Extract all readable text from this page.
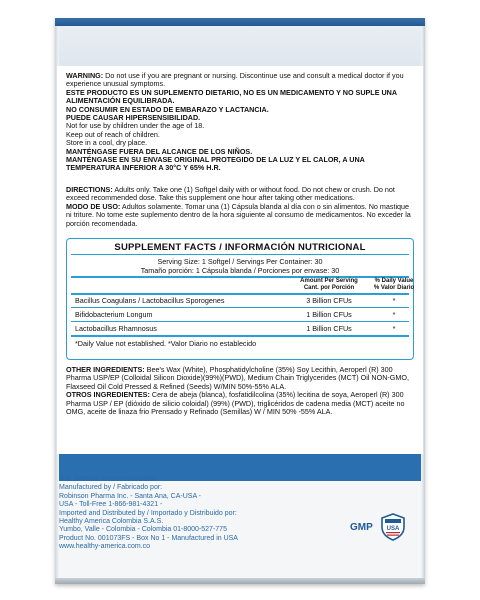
WARNING: Do not use if you are pregnant or nursing. Discontinue use and consult a medical doctor if you experience unusual symptoms.
ESTE PRODUCTO ES UN SUPLEMENTO DIETARIO, NO ES UN MEDICAMENTO Y NO SUPLE UNA ALIMENTACIÓN EQUILIBRADA.
NO CONSUMIR EN ESTADO DE EMBARAZO Y LACTANCIA.
PUEDE CAUSAR HIPERSENSIBILIDAD.
Not for use by children under the age of 18.
Keep out of reach of children.
Store in a cool, dry place.
MANTÉNGASE FUERA DEL ALCANCE DE LOS NIÑOS.
MANTÉNGASE EN SU ENVASE ORIGINAL PROTEGIDO DE LA LUZ Y EL CALOR, A UNA TEMPERATURA INFERIOR A 30°C Y 65% H.R.
DIRECTIONS: Adults only. Take one (1) Softgel daily with or without food. Do not chew or crush. Do not exceed recommended dose. Take this supplement one hour after taking other medications.
MODO DE USO: Adultos solamente. Tomar una (1) Cápsula blanda al día con o sin alimentos. No mastique ni triture. No tome este suplemento dentro de la hora siguiente al consumo de medicamentos. No exceder la porción recomendada.
SUPPLEMENT FACTS / INFORMACIÓN NUTRICIONAL
Serving Size: 1 Softgel / Servings Per Container: 30
Tamaño porción: 1 Cápsula blanda / Porciones por envase: 30
Amount Per Serving
Cant. por Porción
% Daily Value
% Valor Diario
Bacillus Coagulans / Lactobacillus Sporogenes	3 Billion CFUs	*
Bifidobacterium Longum	1 Billion CFUs	*
Lactobacillus Rhamnosus	1 Billion CFUs	*
*Daily Value not established. *Valor Diario no establecido
OTHER INGREDIENTS: Bee's Wax (White), Phosphatidylcholine (35%) Soy Lecithin, Aeroperl (R) 300 Pharma USP/EP (Colloidal Silicon Dioxide)(99%)(PWD), Medium Chain Triglycerides (MCT) Oil NON-GMO, Flaxseed Oil Cold Pressed & Refined (Seeds) W/MIN 50%-55% ALA.
OTROS INGREDIENTES: Cera de abeja (blanca), fosfatidilcolina (35%) lecitina de soya, Aeroperl (R) 300 Pharma USP / EP (dióxido de silicio coloidal) (99%) (PWD), triglicéridos de cadena media (MCT) aceite no OMG, aceite de linaza frio Prensado y Refinado (Semillas) W / MIN 50% -55% ALA.
R.S. INVIMA: SD2023-0004692
Manufactured by / Fabricado por:
Robinson Pharma Inc. - Santa Ana, CA-USA -
USA - Toll-Free 1-866-981-4321 -
Imported and Distributed by / Importado y Distribuido por:
Healthy America Colombia S.A.S.
Yumbo, Valle - Colombia - Colombia 01-8000-527-775
Product No. 001073FS - Box No 1 - Manufactured in USA
www.healthy-america.com.co
GMP USA
